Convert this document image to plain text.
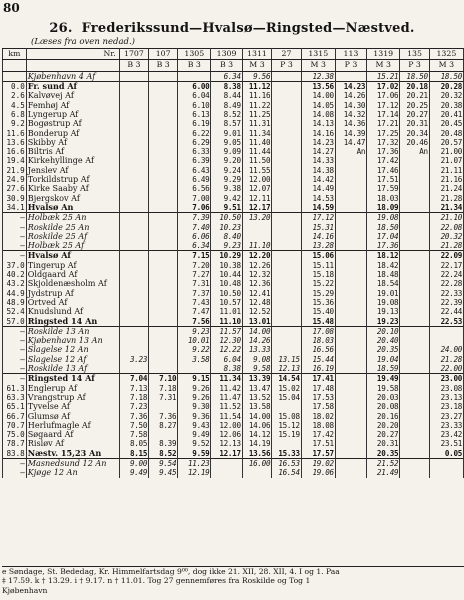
80
26. Frederikssund—Hvalsø—Ringsted—Næstved.
(Læses fra oven nedad.)
km	Nr.	1707	107	1305	1309	1311	27	1315	113	1319	135	1325
		B 3	B 3	B 3	B 3	M 3	P 3	M 3	P 3	M 3	P 3	M 3
	Kjøbenhavn 4 Af				6.34	9.56		12.38		15.21	18.50	18.50
0.0	Fr. sund Af			6.00	8.38	11.12		13.56	14.23	17.02	20.18	20.28
2.6	Kalvøvej Af			6.04	8.44	11.16		14.00	14.26	17.06	20.21	20.32
4.5	Femhøj Af			6.10	8.49	11.22		14.05	14.30	17.12	20.25	20.38
6.8	Lyngerup Af			6.13	8.52	11.25		14.08	14.32	17.14	20.27	20.41
9.2	Bogøstrup Af			6.19	8.57	11.31		14.13	14.36	17.21	20.31	20.45
11.6	Bonderup Af			6.22	9.01	11.34		14.16	14.39	17.25	20.34	20.48
13.6	Skibby Af			6.29	9.05	11.40		14.23	14.47	17.32	20.46	20.57
16.6	Biltris Af			6.33	9.09	11.44		14.27	An	17.36	An	21.00
19.4	Kirkehyllinge Af			6.39	9.20	11.50		14.33		17.42		21.07
21.9	Jenslev Af			6.43	9.24	11.55		14.38		17.46		21.11
24.9	Torkildstrup Af			6.49	9.29	12.00		14.42		17.51		21.16
27.6	Kirke Saaby Af			6.56	9.38	12.07		14.49		17.59		21.24
30.9	Bjergskov Af			7.00	9.42	12.11		14.53		18.03		21.28
34.1	Hvalsø An			7.06	9.51	12.17		14.59		18.09		21.34
—	Holbæk 25 An			7.39	10.50	13.20		17.12		19.08		21.10
—	Roskilde 25 An			7.40	10.23			15.31		18.50		22.08
—	Roskilde 25 Af			6.06	8.40			14.16		17.04		20.32
—	Holbæk 25 Af			6.34	9.23	11.10		13.28		17.36		21.28
—	Hvalsø Af			7.15	10.29	12.20		15.06		18.12		22.09
37.0	Tingerup Af			7.20	10.38	12.26		15.11		18.42		22.17
40.2	Oldgaard Af			7.27	10.44	12.32		15.18		18.48		22.24
43.2	Skjoldenæsholm Af			7.31	10.48	12.36		15.22		18.54		22.28
44.9	Jydstrup Af			7.37	10.50	12.41		15.29		19.01		22.33
48.9	Ortved Af			7.43	10.57	12.48		15.36		19.08		22.39
52.4	Knudslund Af			7.47	11.01	12.52		15.40		19.13		22.44
57.0	Ringsted 14 An			7.56	11.10	13.01		15.48		19.23		22.53
—	Roskilde 13 An			9.23	11.57	14.00		17.08		20.10		
—	Kjøbenhavn 13 An			10.01	12.30	14.26		18.03		20.40		
—	Slagelse 12 An			9.22	12.22	13.33		16.56		20.35		24.00
—	Slagelse 12 Af	3.23		3.58	6.04	9.08	13.15	15.44		19.04		21.28
—	Roskilde 13 Af				8.38	9.58	12.13	16.19		18.59		22.00
—	Ringsted 14 Af	7.04	7.10	9.15	11.34	13.39	14.54	17.41		19.49		23.00
61.3	Englerup Af	7.13	7.18	9.26	11.42	13.47	15.02	17.48		19.58		23.08
63.3	Vrangstrup Af	7.18	7.31	9.26	11.47	13.52	15.04	17.53		20.03		23.13
65.1	Tyvelse Af	7.23		9.30	11.52	13.58		17.58		20.08		23.18
66.7	Glumsø Af	7.36	7.36	9.36	11.54	14.00	15.08	18.02		20.16		23.27
70.7	Herlufmagle Af	7.50	8.27	9.43	12.00	14.06	15.12	18.08		20.20		23.33
75.0	Søgaard Af	7.58		9.49	12.06	14.12	15.19	17.42		20.27		23.42
78.7	Risløv Af	8.05	8.39	9.52	12.13	14.19		17.51		20.31		23.51
83.8	Næstv. 15,23 An	8.15	8.52	9.59	12.17	13.56	15.33	17.57		20.35		0.05
—	Masnedsund 12 An	9.00	9.54	11.23		16.00	16.53	19.02		21.52		
—	Kjøge 12 An	9.49	9.45	12.19			16.54	19.06		21.49		
e Søndage, St. Bededag, Kr. Himmelfartsdag 9⁰⁰, dog ikke 21. XII, 28. XII, 4. I og 1. Paa
‡ 17.59. k † 13.29. i † 9.17. n † 11.01. Tog 27 gennemføres fra Roskilde og Tog 1
Kjøbenhavn
